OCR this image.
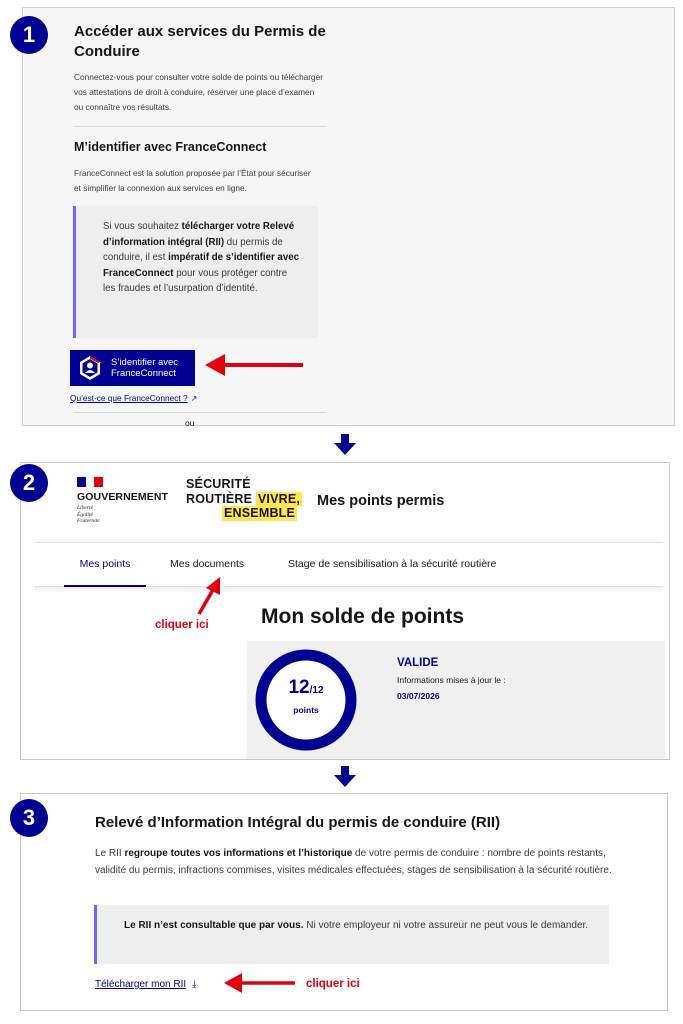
1	Accéder aux services du Permis de Conduire
Connectez-vous pour consulter votre solde de points ou télécharger vos attestations de droit à conduire, réserver une place d’examen ou connaître vos résultats.
M’identifier avec FranceConnect
FranceConnect est la solution proposée par l’État pour sécuriser et simplifier la connexion aux services en ligne.
Si vous souhaitez télécharger votre Relevé d’information intégral (RII) du permis de conduire, il est impératif de s’identifier avec FranceConnect pour vous protéger contre les fraudes et l’usurpation d’identité.
S’identifier avec
FranceConnect
Qu’est-ce que FranceConnect ? ↗
ou
2
GOUVERNEMENT
Liberté
Égalité
Fraternité
SÉCURITÉ
ROUTIÈRE VIVRE,
ENSEMBLE
Mes points permis
Mes points	Mes documents	Stage de sensibilisation à la sécurité routière
cliquer ici Mon solde de points
12/12
points
VALIDE
Informations mises à jour le :
03/07/2026
3	Relevé d’Information Intégral du permis de conduire (RII)
Le RII regroupe toutes vos informations et l’historique de votre permis de conduire : nombre de points restants, validité du permis, infractions commises, visites médicales effectuées, stages de sensibilisation à la sécurité routière.
Le RII n’est consultable que par vous. Ni votre employeur ni votre assureur ne peut vous le demander.
Télécharger mon RII ⤓	cliquer ici
